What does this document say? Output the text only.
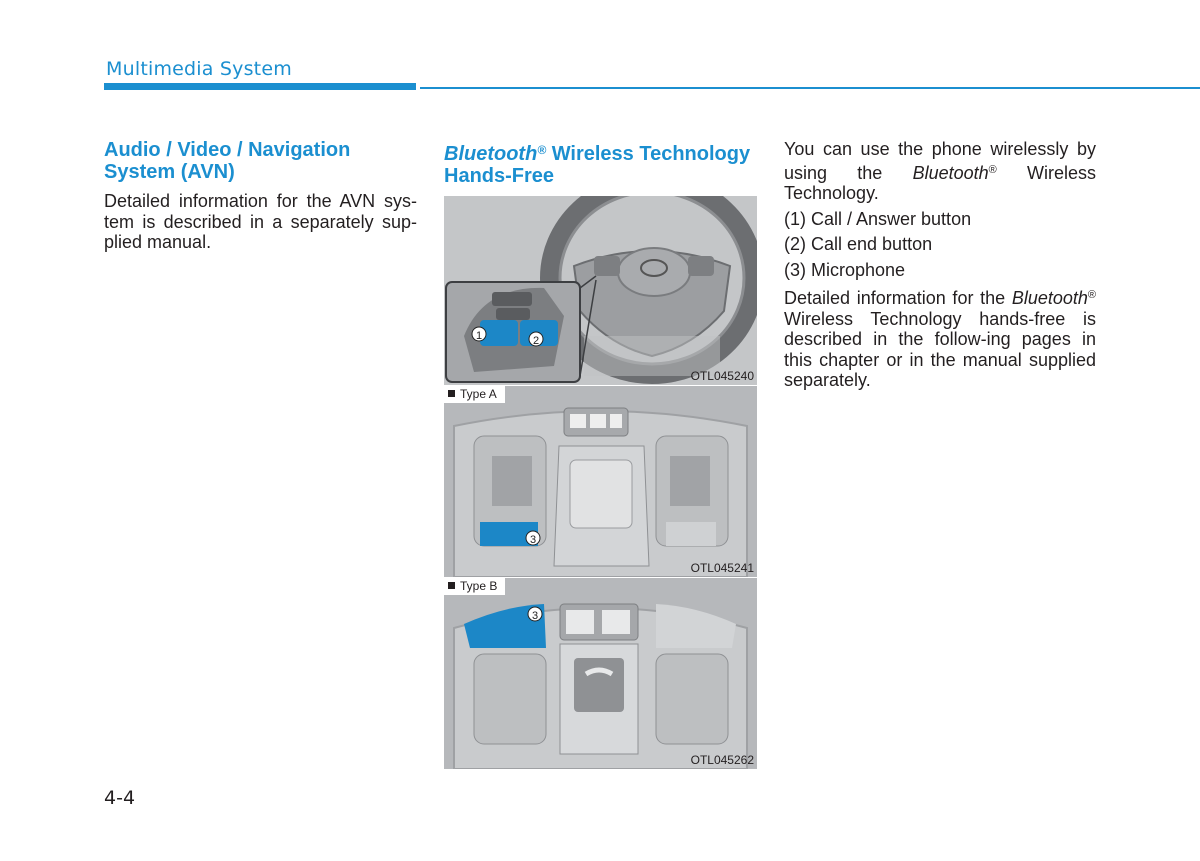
Multimedia System
Audio / Video / Navigation System (AVN)

Detailed information for the AVN sys-tem is described in a separately sup-plied manual.

Bluetooth® Wireless Technology Hands-Free
1	2
OTL045240
3
Type A
OTL045241
3
Type B
OTL045262

You can use the phone wirelessly by using the Bluetooth® Wireless Technology.

(1) Call / Answer button

(2) Call end button

(3) Microphone

Detailed information for the Bluetooth® Wireless Technology hands-free is described in the follow-ing pages in this chapter or in the manual supplied separately.

4-4
